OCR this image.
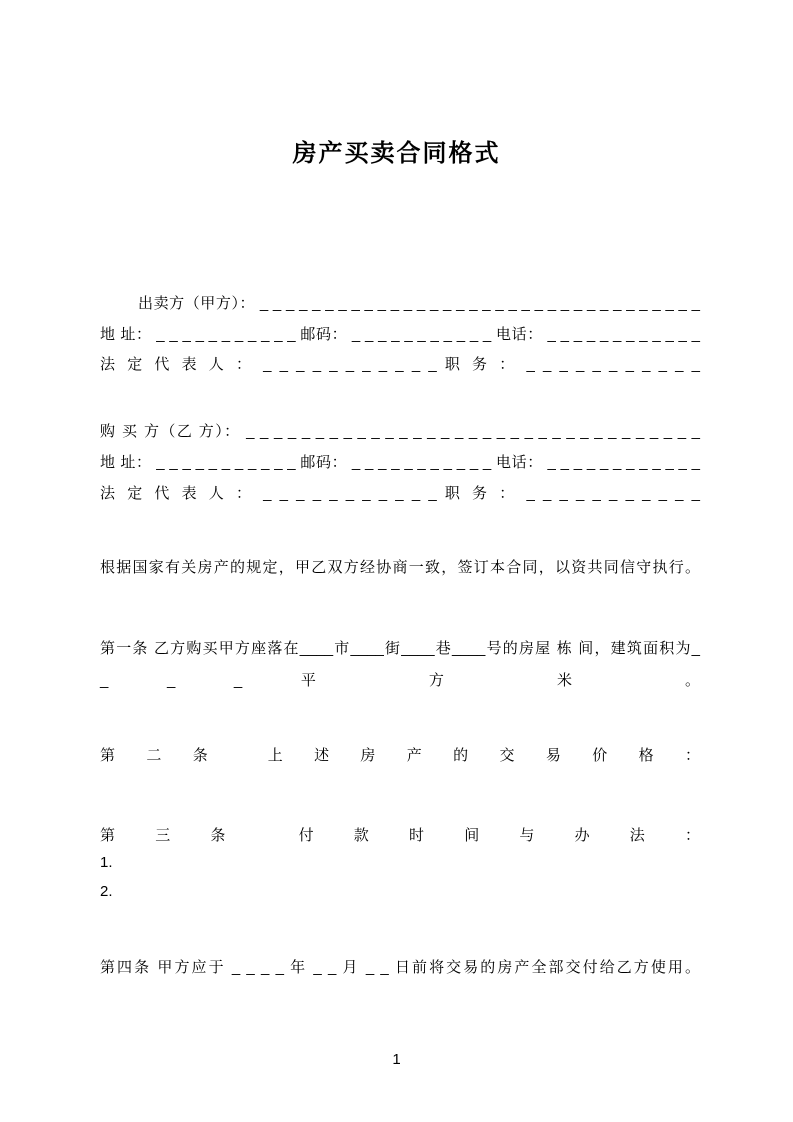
房产买卖合同格式
出卖方（甲方）： _ _ _ _ _ _ _ _ _ _ _ _ _ _ _ _ _ _ _ _ _ _ _ _ _ _ _ _ _ _ _ _ _ _
地 址： _ _ _ _ _ _ _ _ _ _ _ 邮码： _ _ _ _ _ _ _ _ _ _ _ 电话： _ _ _ _ _ _ _ _ _ _ _ _
法 定 代 表 人 ： _ _ _ _ _ _ _ _ _ _ _ 职 务 ： _ _ _ _ _ _ _ _ _ _ _
购 买 方（乙 方）： _ _ _ _ _ _ _ _ _ _ _ _ _ _ _ _ _ _ _ _ _ _ _ _ _ _ _ _ _ _ _ _ _
地 址： _ _ _ _ _ _ _ _ _ _ _ 邮码： _ _ _ _ _ _ _ _ _ _ _ 电话： _ _ _ _ _ _ _ _ _ _ _ _
法 定 代 表 人 ： _ _ _ _ _ _ _ _ _ _ _ 职 务 ： _ _ _ _ _ _ _ _ _ _ _
根据国家有关房产的规定，甲乙双方经协商一致，签订本合同，以资共同信守执行。
第一条 乙方购买甲方座落在____市____街____巷____号的房屋 栋 间，建筑面积为_
_ _ _ 平 方 米 。
第 二 条　 上 述 房 产 的 交 易 价 格 ：
第 三 条　 付 款 时 间 与 办 法 ：
1.
2.
第四条 甲方应于 _ _ _ _ 年 _ _ 月 _ _ 日前将交易的房产全部交付给乙方使用。
1
